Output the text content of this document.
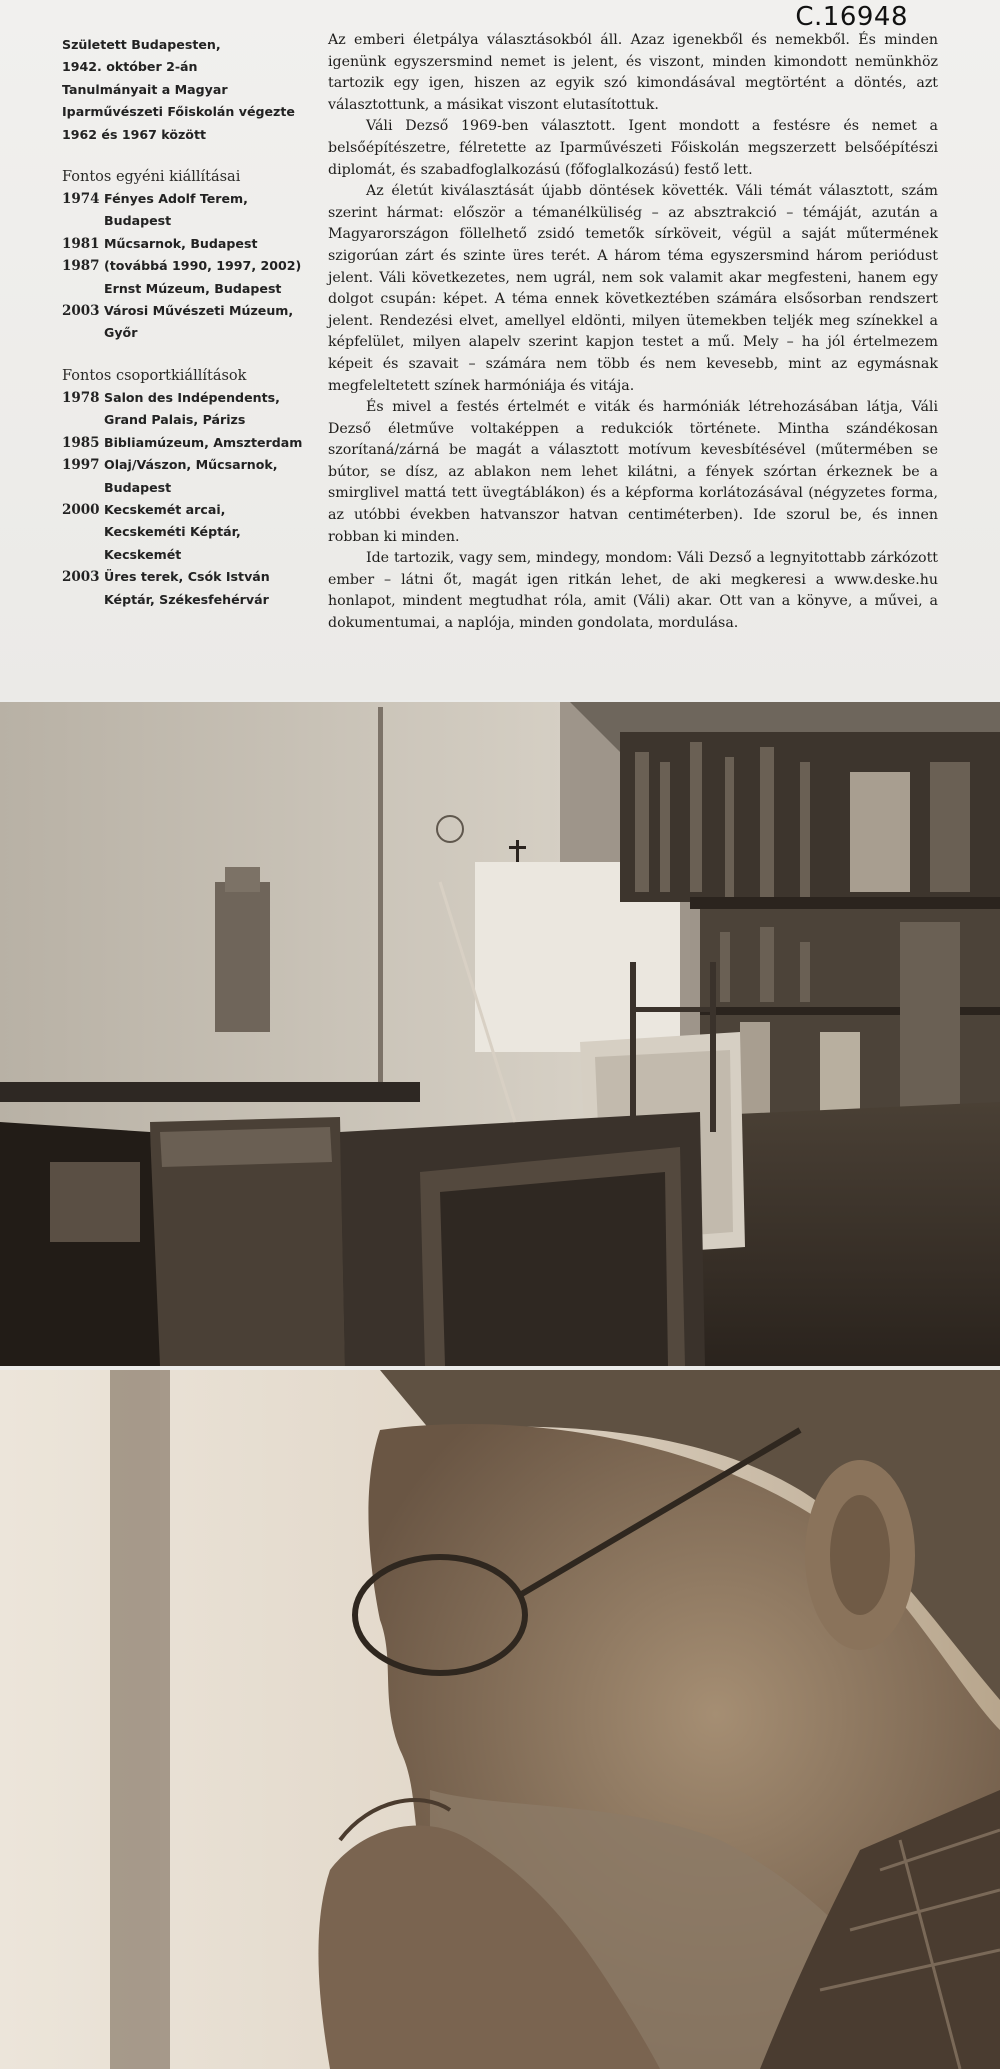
C.16948
Született Budapesten,
1942. október 2-án
Tanulmányait a Magyar
Iparművészeti Főiskolán végezte
1962 és 1967 között
Fontos egyéni kiállításai
1974 Fényes Adolf Terem,
Budapest
1981 Műcsarnok, Budapest
1987 (továbbá 1990, 1997, 2002)
Ernst Múzeum, Budapest
2003 Városi Művészeti Múzeum,
Győr
Fontos csoportkiállítások
1978 Salon des Indépendents,
Grand Palais, Párizs
1985 Bibliamúzeum, Amszterdam
1997 Olaj/Vászon, Műcsarnok,
Budapest
2000 Kecskemét arcai,
Kecskeméti Képtár,
Kecskemét
2003 Üres terek, Csók István
Képtár, Székesfehérvár

Az emberi életpálya választásokból áll. Azaz igenekből és nemekből. És minden igenünk egyszersmind nemet is jelent, és viszont, minden kimondott nemünkhöz tartozik egy igen, hiszen az egyik szó kimondásával megtörtént a döntés, azt választottunk, a másikat viszont elutasítottuk.

Váli Dezső 1969-ben választott. Igent mondott a festésre és nemet a belsőépítészetre, félretette az Iparművészeti Főiskolán megszerzett belsőépítészi diplomát, és szabadfoglalkozású (főfoglalkozású) festő lett.

Az életút kiválasztását újabb döntések követték. Váli témát választott, szám szerint hármat: először a témanélküliség – az absztrakció – témáját, azután a Magyarországon föllelhető zsidó temetők sírköveit, végül a saját műtermének szigorúan zárt és szinte üres terét. A három téma egyszersmind három periódust jelent. Váli következetes, nem ugrál, nem sok valamit akar megfesteni, hanem egy dolgot csupán: képet. A téma ennek következtében számára elsősorban rendszert jelent. Rendezési elvet, amellyel eldönti, milyen ütemekben teljék meg színekkel a képfelület, milyen alapelv szerint kapjon testet a mű. Mely – ha jól értelmezem képeit és szavait – számára nem több és nem kevesebb, mint az egymásnak megfeleltetett színek harmóniája és vitája.

És mivel a festés értelmét e viták és harmóniák létrehozásában látja, Váli Dezső életműve voltaképpen a redukciók története. Mintha szándékosan szorítaná/zárná be magát a választott motívum kevesbítésével (műtermében se bútor, se dísz, az ablakon nem lehet kilátni, a fények szórtan érkeznek be a smirglivel mattá tett üvegtáblákon) és a képforma korlátozásával (négyzetes forma, az utóbbi években hatvanszor hatvan centiméterben). Ide szorul be, és innen robban ki minden.

Ide tartozik, vagy sem, mindegy, mondom: Váli Dezső a legnyitottabb zárkózott ember – látni őt, magát igen ritkán lehet, de aki megkeresi a www.deske.hu honlapot, mindent megtudhat róla, amit (Váli) akar. Ott van a könyve, a művei, a dokumentumai, a naplója, minden gondolata, mordulása.
